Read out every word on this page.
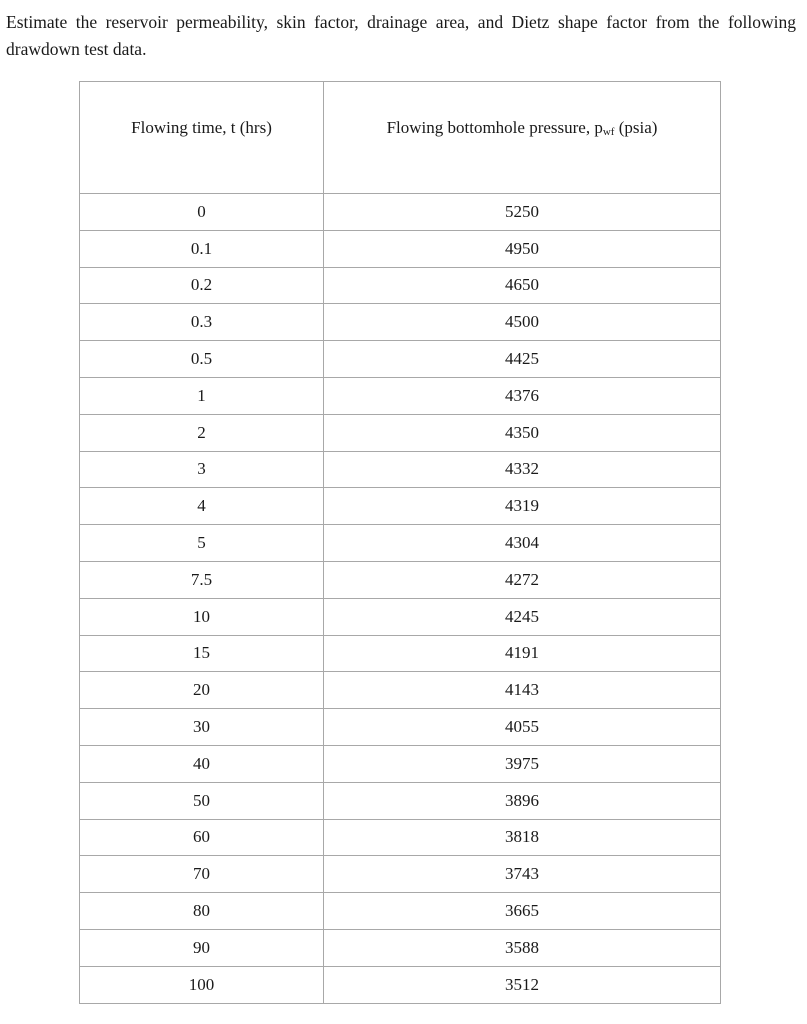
Estimate the reservoir permeability, skin factor, drainage area, and Dietz shape factor from the following drawdown test data.

Flowing time, t (hrs)	Flowing bottomhole pressure, pwf (psia)
0	5250
0.1	4950
0.2	4650
0.3	4500
0.5	4425
1	4376
2	4350
3	4332
4	4319
5	4304
7.5	4272
10	4245
15	4191
20	4143
30	4055
40	3975
50	3896
60	3818
70	3743
80	3665
90	3588
100	3512
